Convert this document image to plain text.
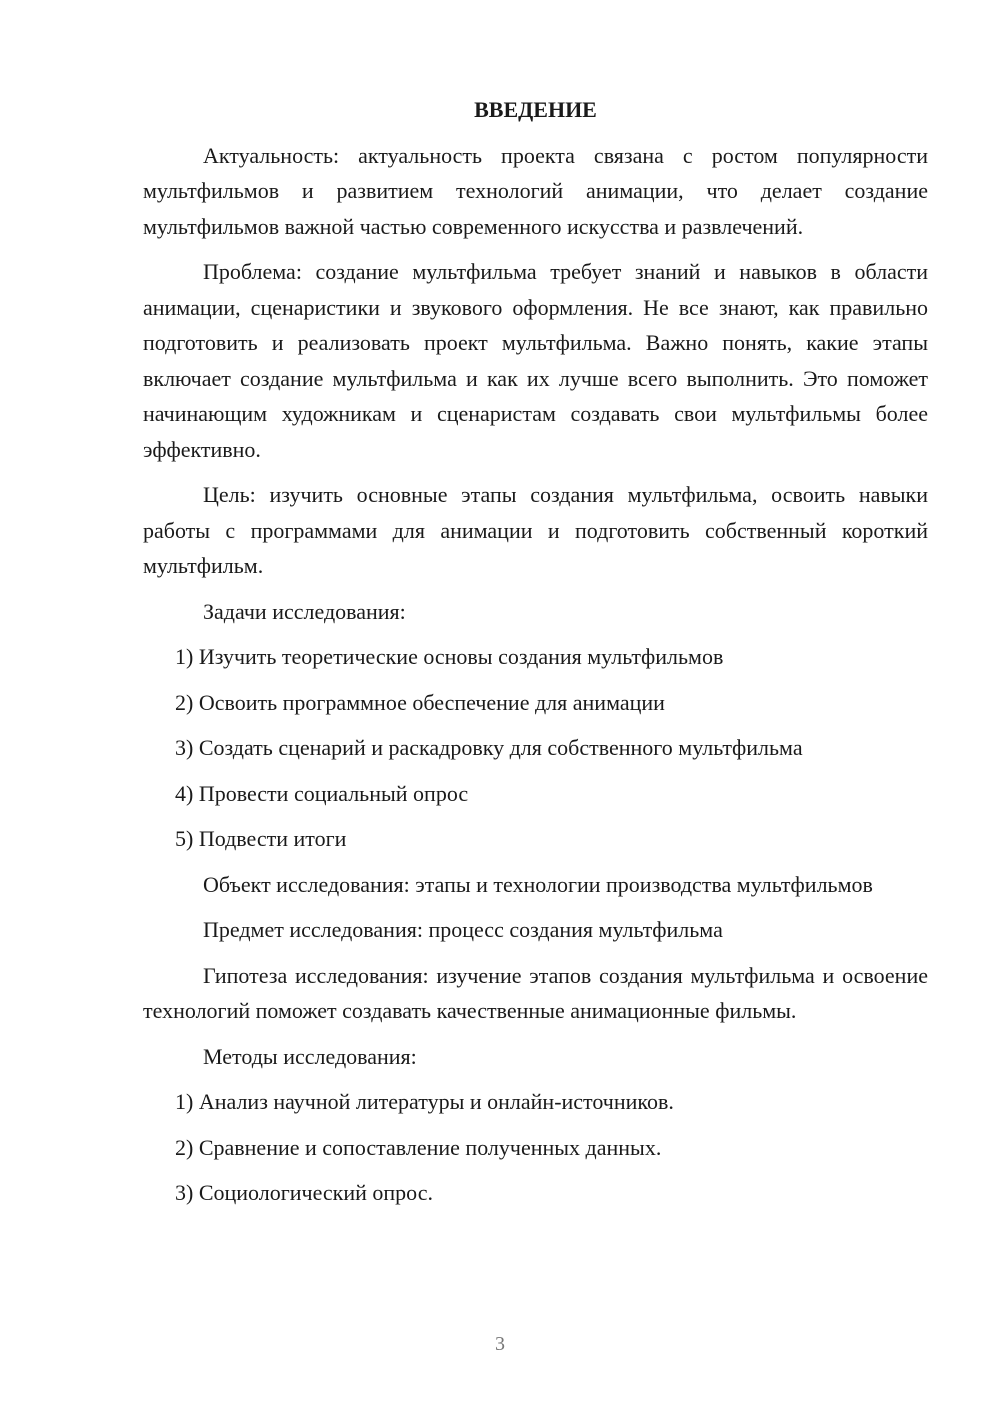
ВВЕДЕНИЕ

Актуальность: актуальность проекта связана с ростом популярности мультфильмов и развитием технологий анимации, что делает создание мультфильмов важной частью современного искусства и развлечений.

Проблема: создание мультфильма требует знаний и навыков в области анимации, сценаристики и звукового оформления. Не все знают, как правильно подготовить и реализовать проект мультфильма. Важно понять, какие этапы включает создание мультфильма и как их лучше всего выполнить. Это поможет начинающим художникам и сценаристам создавать свои мультфильмы более эффективно.

Цель: изучить основные этапы создания мультфильма, освоить навыки работы с программами для анимации и подготовить собственный короткий мультфильм.

Задачи исследования:

1) Изучить теоретические основы создания мультфильмов

2) Освоить программное обеспечение для анимации

3) Создать сценарий и раскадровку для собственного мультфильма

4) Провести социальный опрос

5) Подвести итоги

Объект исследования: этапы и технологии производства мультфильмов

Предмет исследования: процесс создания мультфильма

Гипотеза исследования: изучение этапов создания мультфильма и освоение технологий поможет создавать качественные анимационные фильмы.

Методы исследования:

1) Анализ научной литературы и онлайн-источников.

2) Сравнение и сопоставление полученных данных.

3) Социологический опрос.

3
